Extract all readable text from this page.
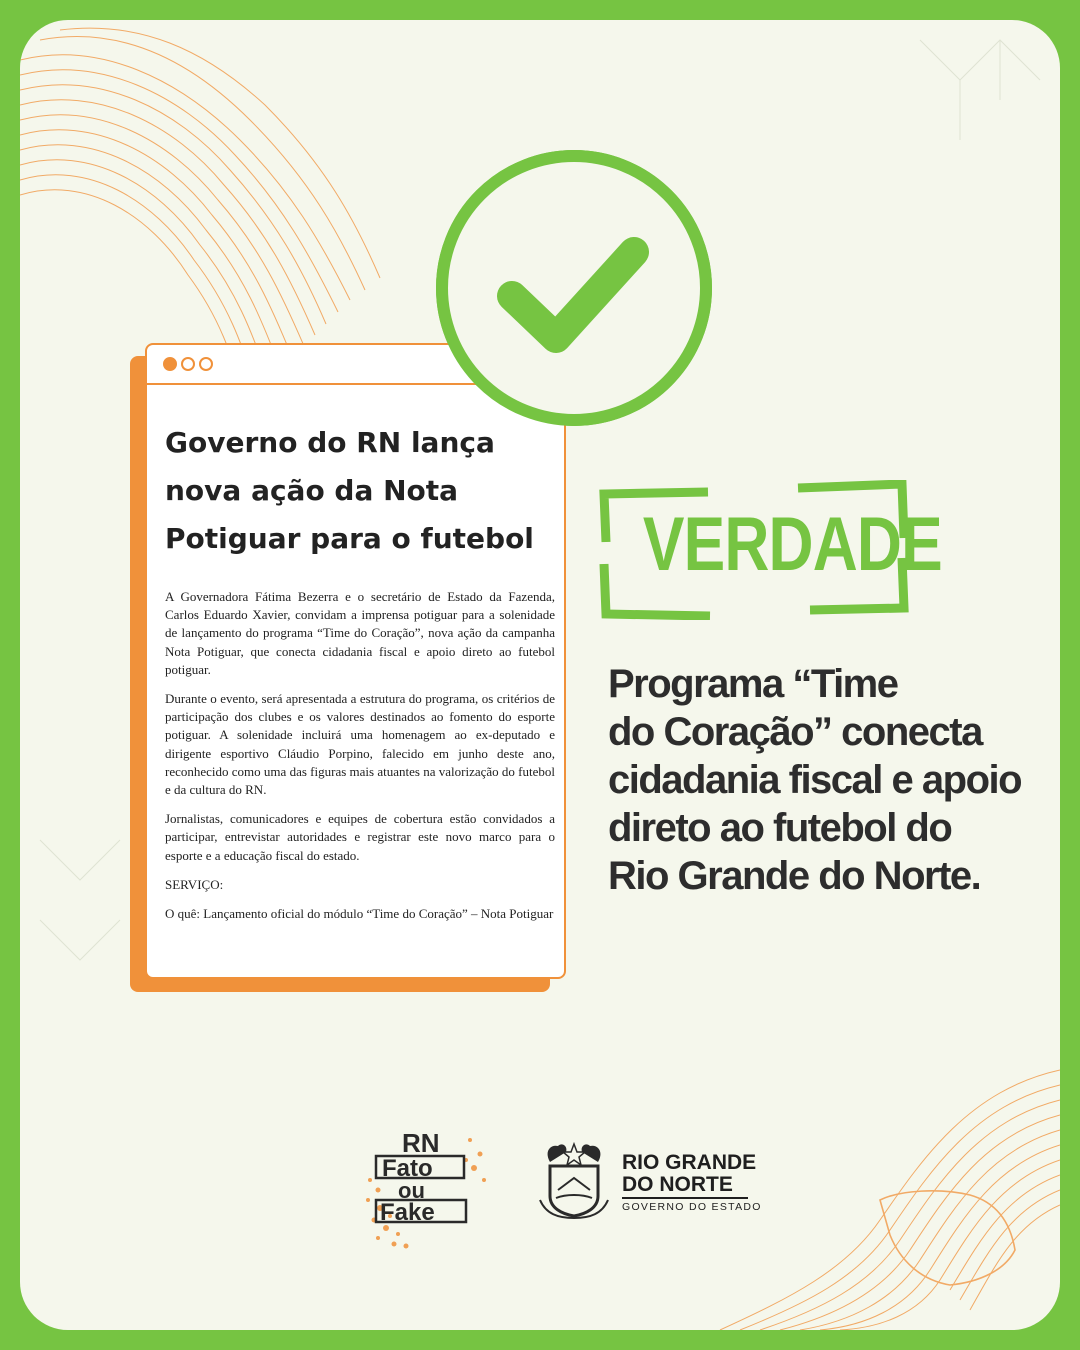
Governo do RN lança
nova ação da Nota
Potiguar para o futebol

A Governadora Fátima Bezerra e o secretário de Estado da Fazenda, Carlos Eduardo Xavier, convidam a imprensa potiguar para a solenidade de lançamento do programa “Time do Coração”, nova ação da campanha Nota Potiguar, que conecta cidadania fiscal e apoio direto ao futebol potiguar.

Durante o evento, será apresentada a estrutura do programa, os critérios de participação dos clubes e os valores destinados ao fomento do esporte potiguar. A solenidade incluirá uma homenagem ao ex-deputado e dirigente esportivo Cláudio Porpino, falecido em junho deste ano, reconhecido como uma das figuras mais atuantes na valorização do futebol e da cultura do RN.

Jornalistas, comunicadores e equipes de cobertura estão convidados a participar, entrevistar autoridades e registrar este novo marco para o esporte e a educação fiscal do estado.

SERVIÇO:

O quê: Lançamento oficial do módulo “Time do Coração” – Nota Potiguar

VERDADE
Programa “Time
do Coração” conecta
cidadania fiscal e apoio
direto ao futebol do
Rio Grande do Norte.
RN
Fato
ou
Fake
RIO GRANDE
DO NORTE
GOVERNO DO ESTADO
